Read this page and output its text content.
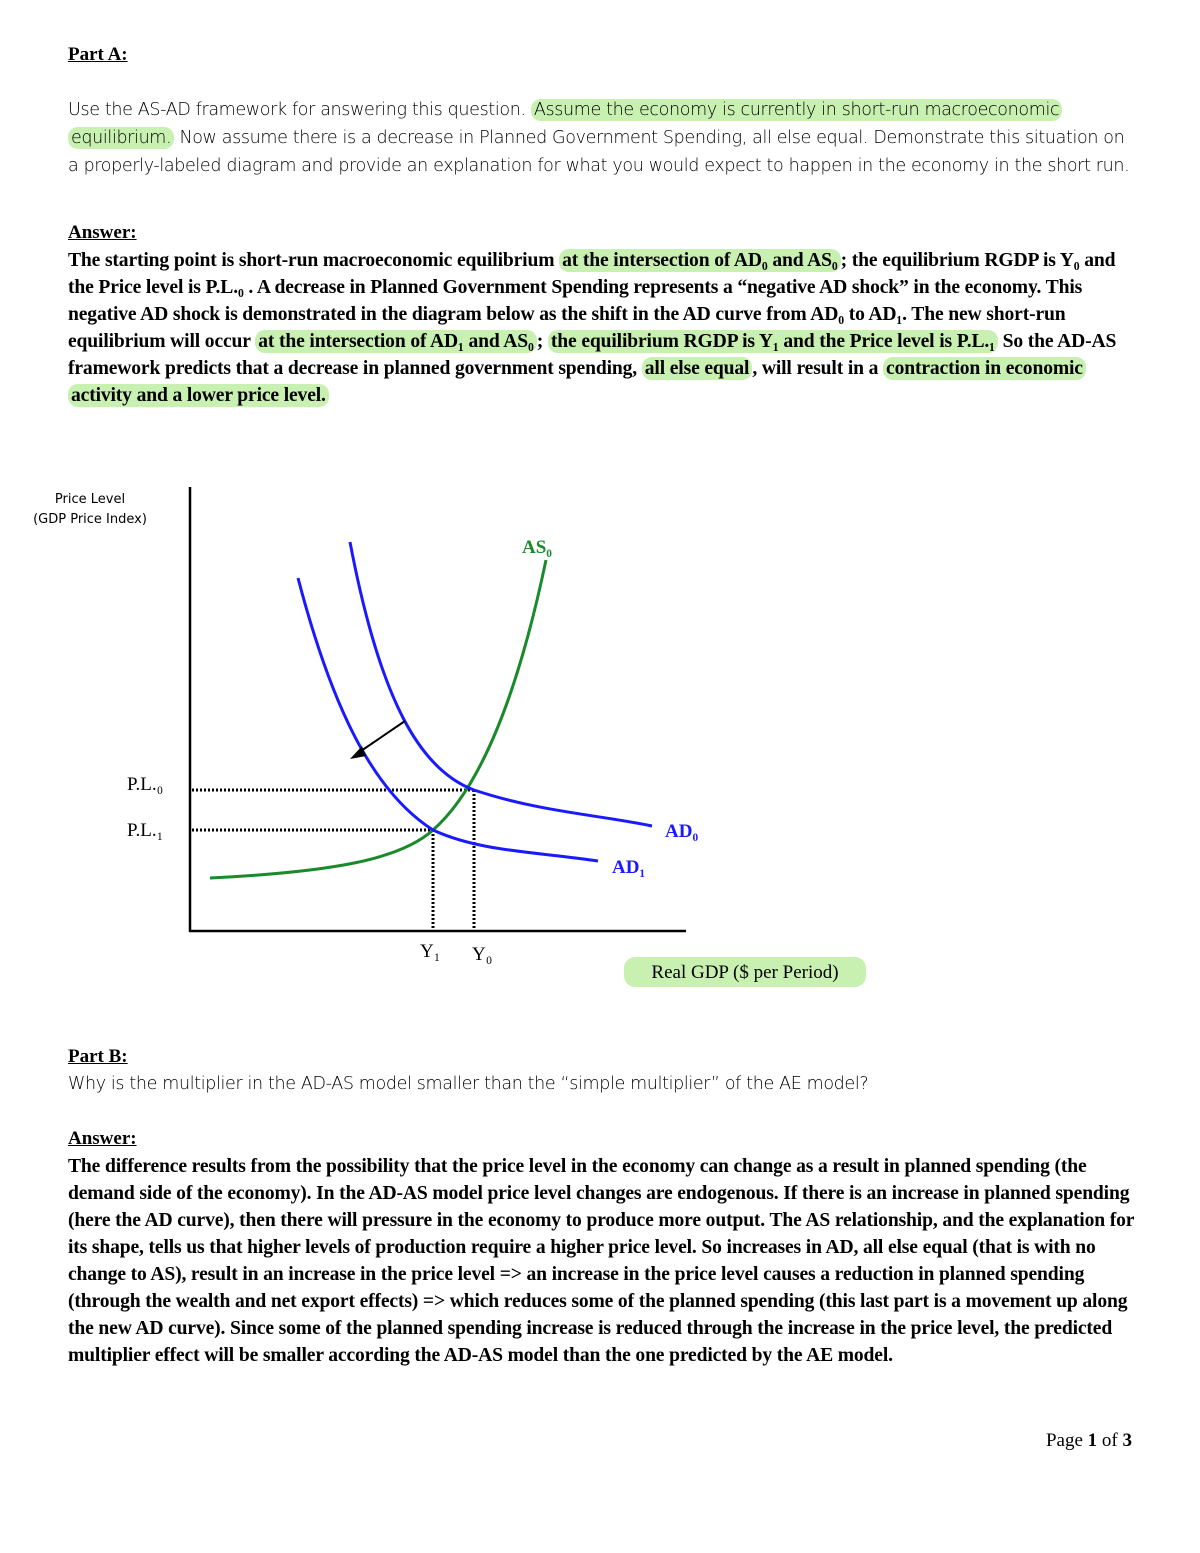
Part A:

Use the AS-AD framework for answering this question. Assume the economy is currently in short-run macroeconomic equilibrium. Now assume there is a decrease in Planned Government Spending, all else equal. Demonstrate this situation on a properly-labeled diagram and provide an explanation for what you would expect to happen in the economy in the short run.

Answer:

The starting point is short-run macroeconomic equilibrium at the intersection of AD₀ and AS₀ ; the equilibrium RGDP is Y₀ and the Price level is P.L.₀ . A decrease in Planned Government Spending represents a “negative AD shock” in the economy. This negative AD shock is demonstrated in the diagram below as the shift in the AD curve from AD₀ to AD₁. The new short-run equilibrium will occur at the intersection of AD₁ and AS₀ ; the equilibrium RGDP is Y₁ and the Price level is P.L.₁ So the AD-AS framework predicts that a decrease in planned government spending, all else equal , will result in a contraction in economic activity and a lower price level.

Price Level
(GDP Price Index)
AS₀
AD₀
AD₁
P.L.₀
P.L.₁
Y₁ Y₀
Real GDP ($ per Period)

Part B:

Why is the multiplier in the AD-AS model smaller than the “simple multiplier” of the AE model?

Answer:

The difference results from the possibility that the price level in the economy can change as a result in planned spending (the demand side of the economy). In the AD-AS model price level changes are endogenous. If there is an increase in planned spending (here the AD curve), then there will pressure in the economy to produce more output. The AS relationship, and the explanation for its shape, tells us that higher levels of production require a higher price level. So increases in AD, all else equal (that is with no change to AS), result in an increase in the price level => an increase in the price level causes a reduction in planned spending (through the wealth and net export effects) => which reduces some of the planned spending (this last part is a movement up along the new AD curve). Since some of the planned spending increase is reduced through the increase in the price level, the predicted multiplier effect will be smaller according the AD-AS model than the one predicted by the AE model.

Page 1 of 3
